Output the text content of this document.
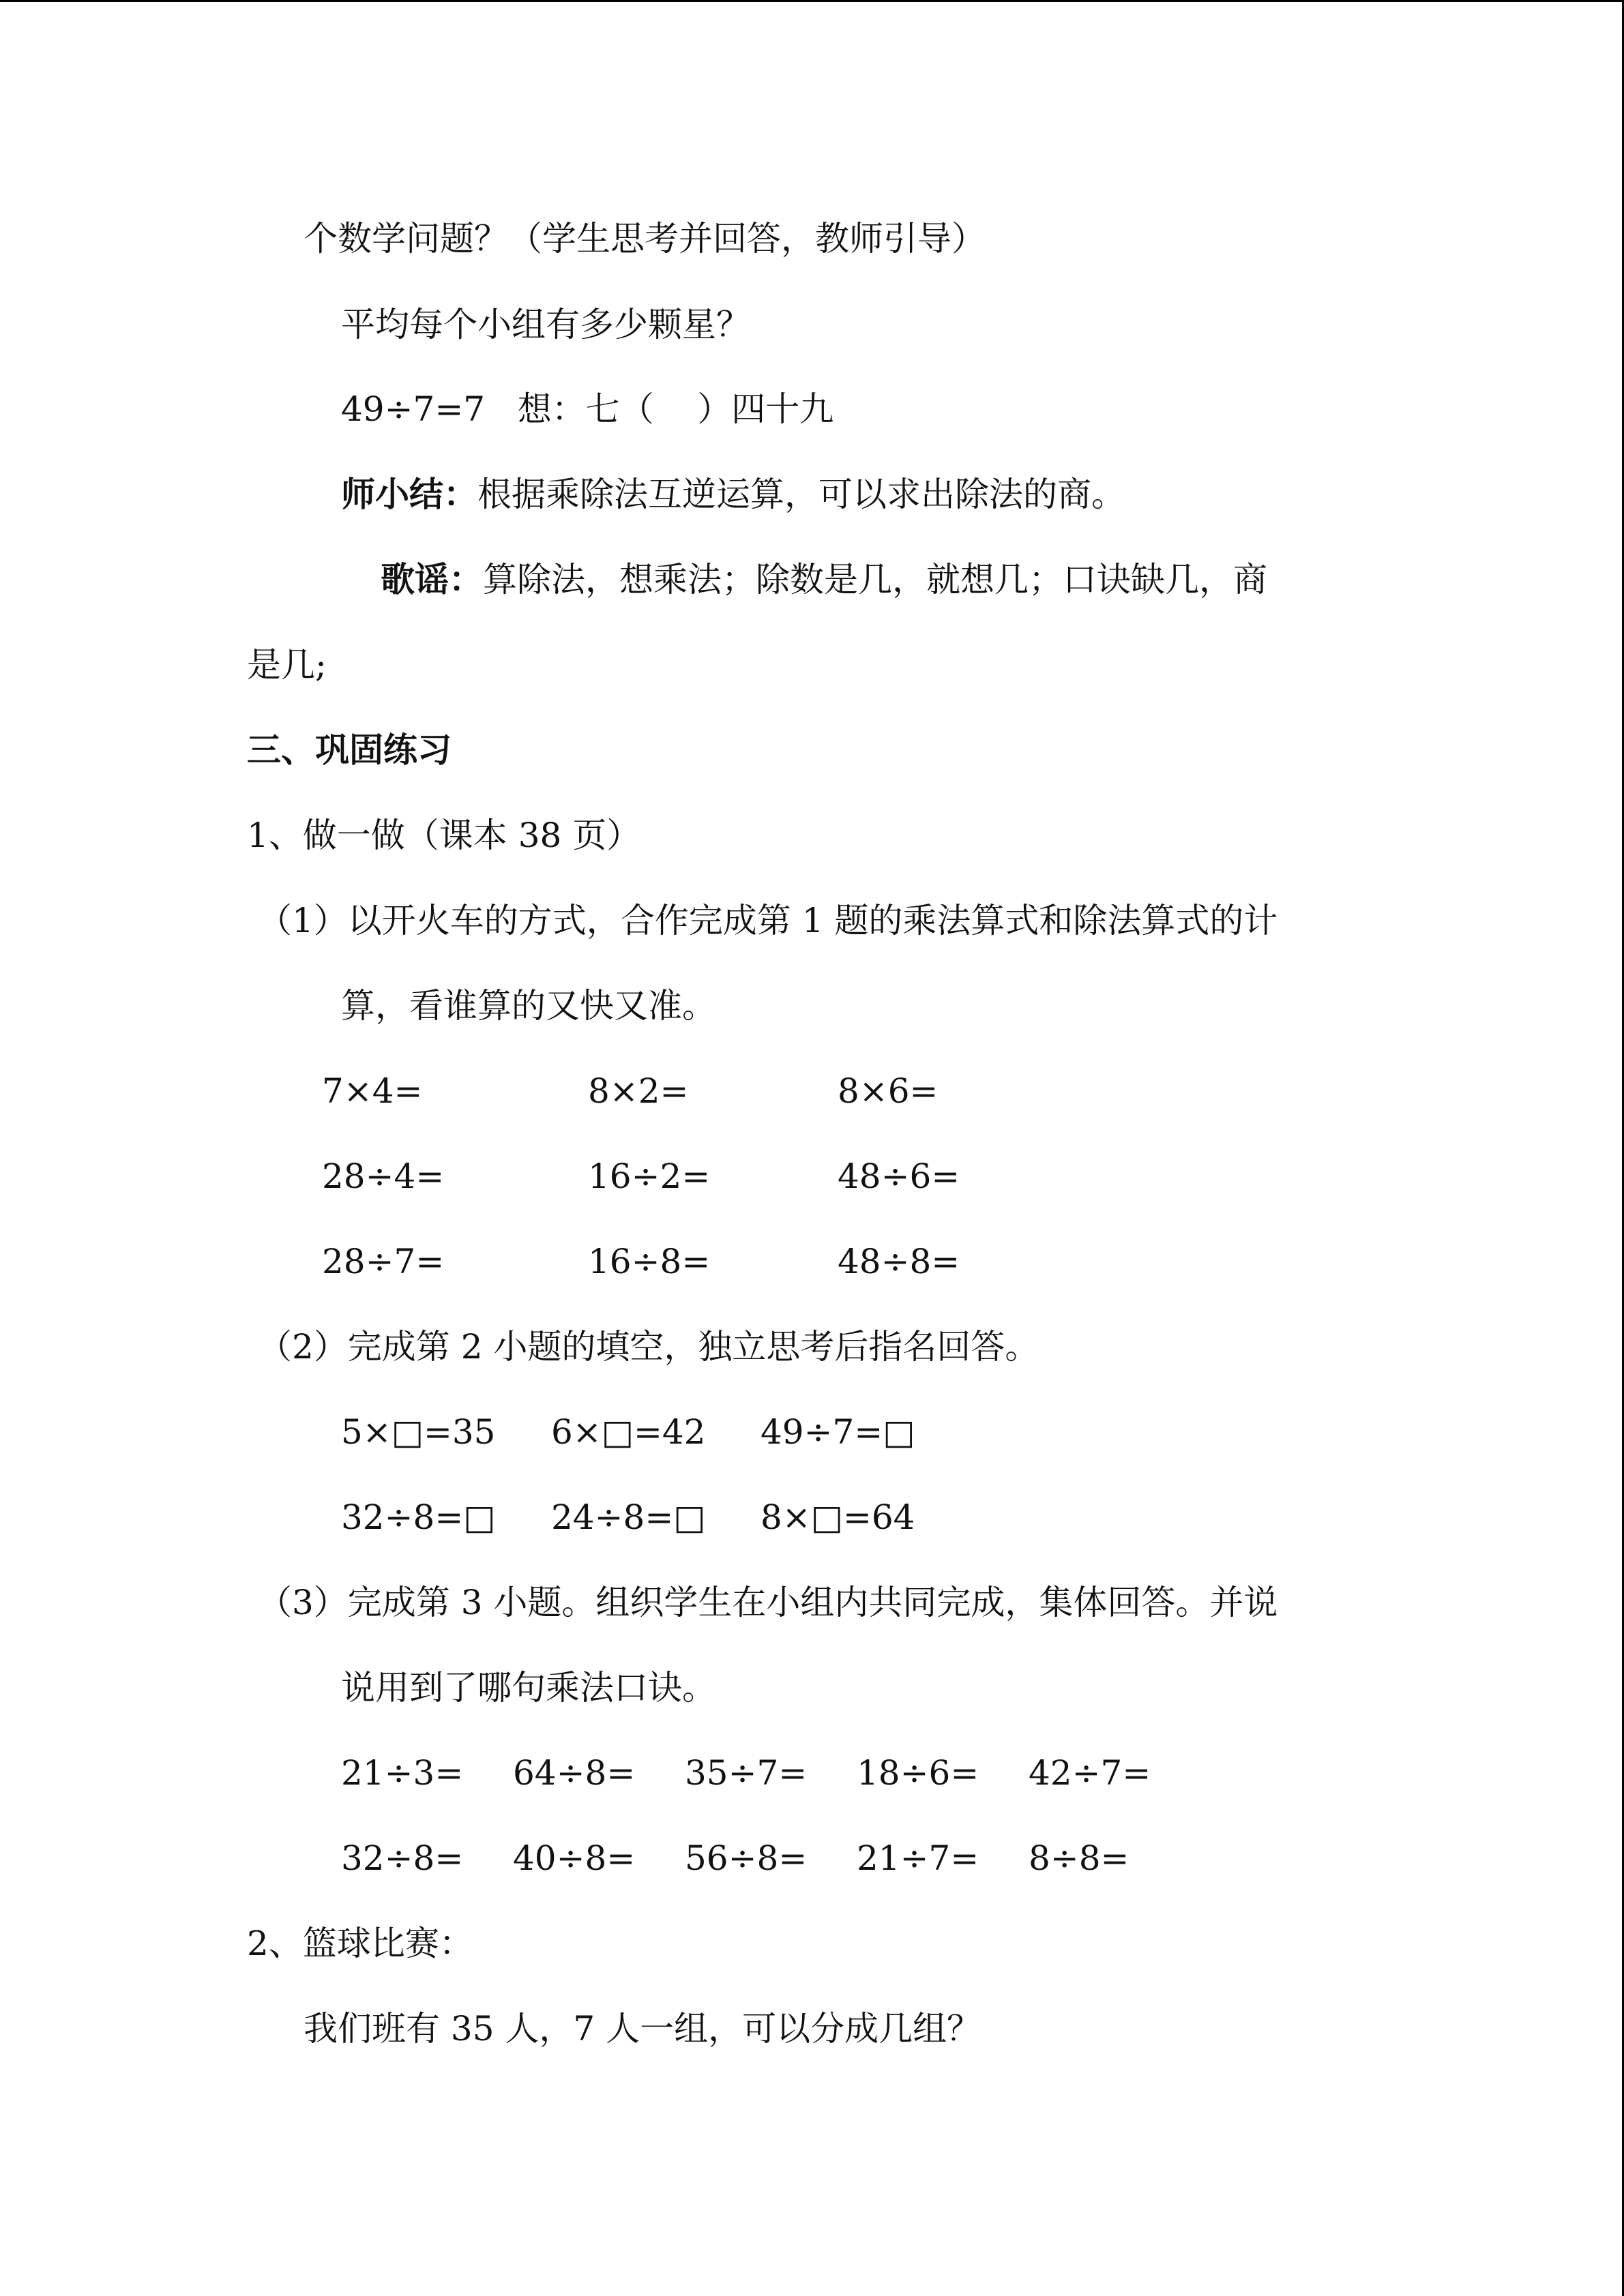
个数学问题？（学生思考并回答，教师引导）
平均每个小组有多少颗星？
49÷7=7   想：七（    ）四十九
师小结：根据乘除法互逆运算，可以求出除法的商。
歌谣：算除法，想乘法；除数是几，就想几；口诀缺几，商
是几;
三、巩固练习
1、做一做（课本 38 页）
（1）以开火车的方式，合作完成第 1 题的乘法算式和除法算式的计
算，看谁算的又快又准。
7×4=	8×2=	8×6=
28÷4=	16÷2=	48÷6=
28÷7=	16÷8=	48÷8=
（2）完成第 2 小题的填空，独立思考后指名回答。
5×□=35 6×□=42 49÷7=□
32÷8=□ 24÷8=□ 8×□=64
（3）完成第 3 小题。组织学生在小组内共同完成，集体回答。并说
说用到了哪句乘法口诀。
21÷3= 64÷8= 35÷7= 18÷6= 42÷7=
32÷8= 40÷8= 56÷8= 21÷7= 8÷8=
2、篮球比赛：
我们班有 35 人，7 人一组，可以分成几组？
